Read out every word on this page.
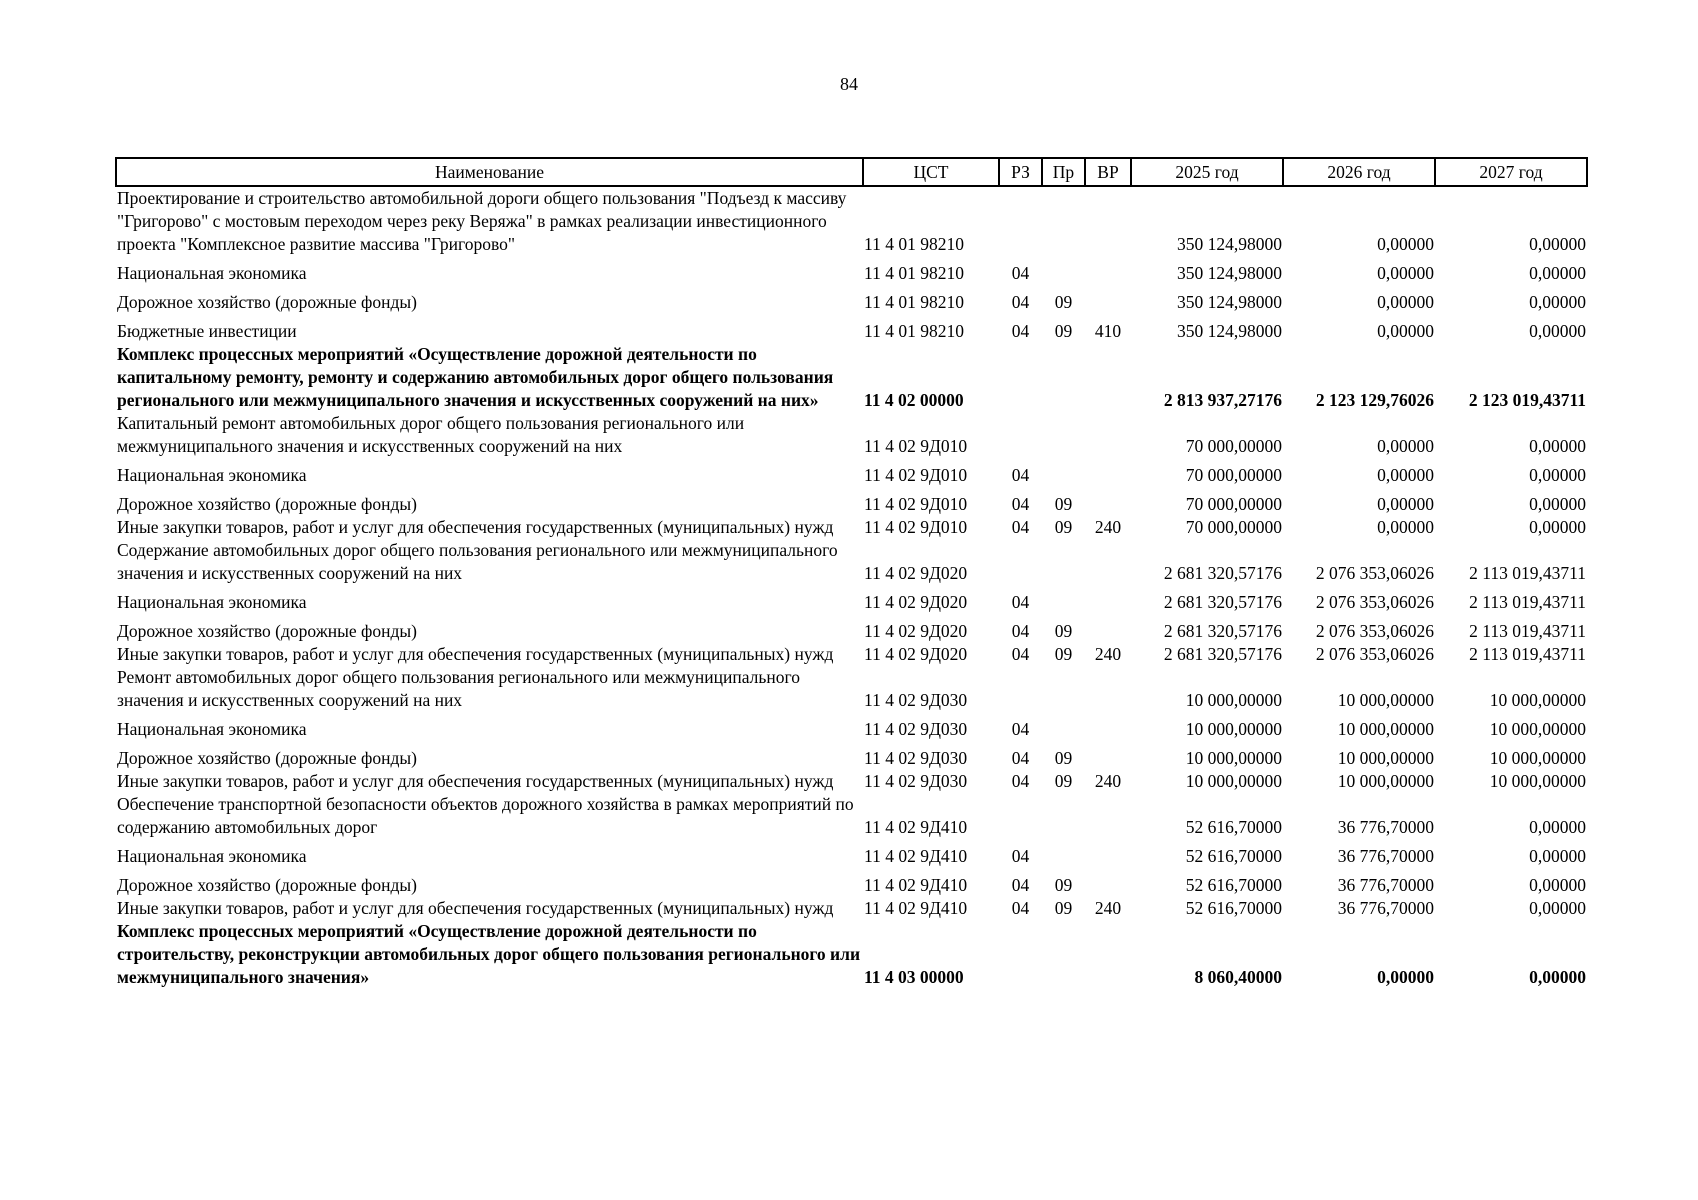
84
Наименование	ЦСТ	РЗ	Пр	ВР	2025 год	2026 год	2027 год
Проектирование и строительство автомобильной дороги общего пользования "Подъезд к массиву "Григорово" с мостовым переходом через реку Веряжа" в рамках реализации инвестиционного проекта "Комплексное развитие массива "Григорово"	11 4 01 98210				350 124,98000	0,00000	0,00000
Национальная экономика	11 4 01 98210	04			350 124,98000	0,00000	0,00000
Дорожное хозяйство (дорожные фонды)	11 4 01 98210	04	09		350 124,98000	0,00000	0,00000
Бюджетные инвестиции	11 4 01 98210	04	09	410	350 124,98000	0,00000	0,00000
Комплекс процессных мероприятий «Осуществление дорожной деятельности по капитальному ремонту, ремонту и содержанию автомобильных дорог общего пользования регионального или межмуниципального значения и искусственных сооружений на них»	11 4 02 00000				2 813 937,27176	2 123 129,76026	2 123 019,43711
Капитальный ремонт автомобильных дорог общего пользования регионального или межмуниципального значения и искусственных сооружений на них	11 4 02 9Д010				70 000,00000	0,00000	0,00000
Национальная экономика	11 4 02 9Д010	04			70 000,00000	0,00000	0,00000
Дорожное хозяйство (дорожные фонды)	11 4 02 9Д010	04	09		70 000,00000	0,00000	0,00000
Иные закупки товаров, работ и услуг для обеспечения государственных (муниципальных) нужд	11 4 02 9Д010	04	09	240	70 000,00000	0,00000	0,00000
Содержание автомобильных дорог общего пользования регионального или межмуниципального значения и искусственных сооружений на них	11 4 02 9Д020				2 681 320,57176	2 076 353,06026	2 113 019,43711
Национальная экономика	11 4 02 9Д020	04			2 681 320,57176	2 076 353,06026	2 113 019,43711
Дорожное хозяйство (дорожные фонды)	11 4 02 9Д020	04	09		2 681 320,57176	2 076 353,06026	2 113 019,43711
Иные закупки товаров, работ и услуг для обеспечения государственных (муниципальных) нужд	11 4 02 9Д020	04	09	240	2 681 320,57176	2 076 353,06026	2 113 019,43711
Ремонт автомобильных дорог общего пользования регионального или межмуниципального значения и искусственных сооружений на них	11 4 02 9Д030				10 000,00000	10 000,00000	10 000,00000
Национальная экономика	11 4 02 9Д030	04			10 000,00000	10 000,00000	10 000,00000
Дорожное хозяйство (дорожные фонды)	11 4 02 9Д030	04	09		10 000,00000	10 000,00000	10 000,00000
Иные закупки товаров, работ и услуг для обеспечения государственных (муниципальных) нужд	11 4 02 9Д030	04	09	240	10 000,00000	10 000,00000	10 000,00000
Обеспечение транспортной безопасности объектов дорожного хозяйства в рамках мероприятий по содержанию автомобильных дорог	11 4 02 9Д410				52 616,70000	36 776,70000	0,00000
Национальная экономика	11 4 02 9Д410	04			52 616,70000	36 776,70000	0,00000
Дорожное хозяйство (дорожные фонды)	11 4 02 9Д410	04	09		52 616,70000	36 776,70000	0,00000
Иные закупки товаров, работ и услуг для обеспечения государственных (муниципальных) нужд	11 4 02 9Д410	04	09	240	52 616,70000	36 776,70000	0,00000
Комплекс процессных мероприятий «Осуществление дорожной деятельности по строительству, реконструкции автомобильных дорог общего пользования регионального или межмуниципального значения»	11 4 03 00000				8 060,40000	0,00000	0,00000
